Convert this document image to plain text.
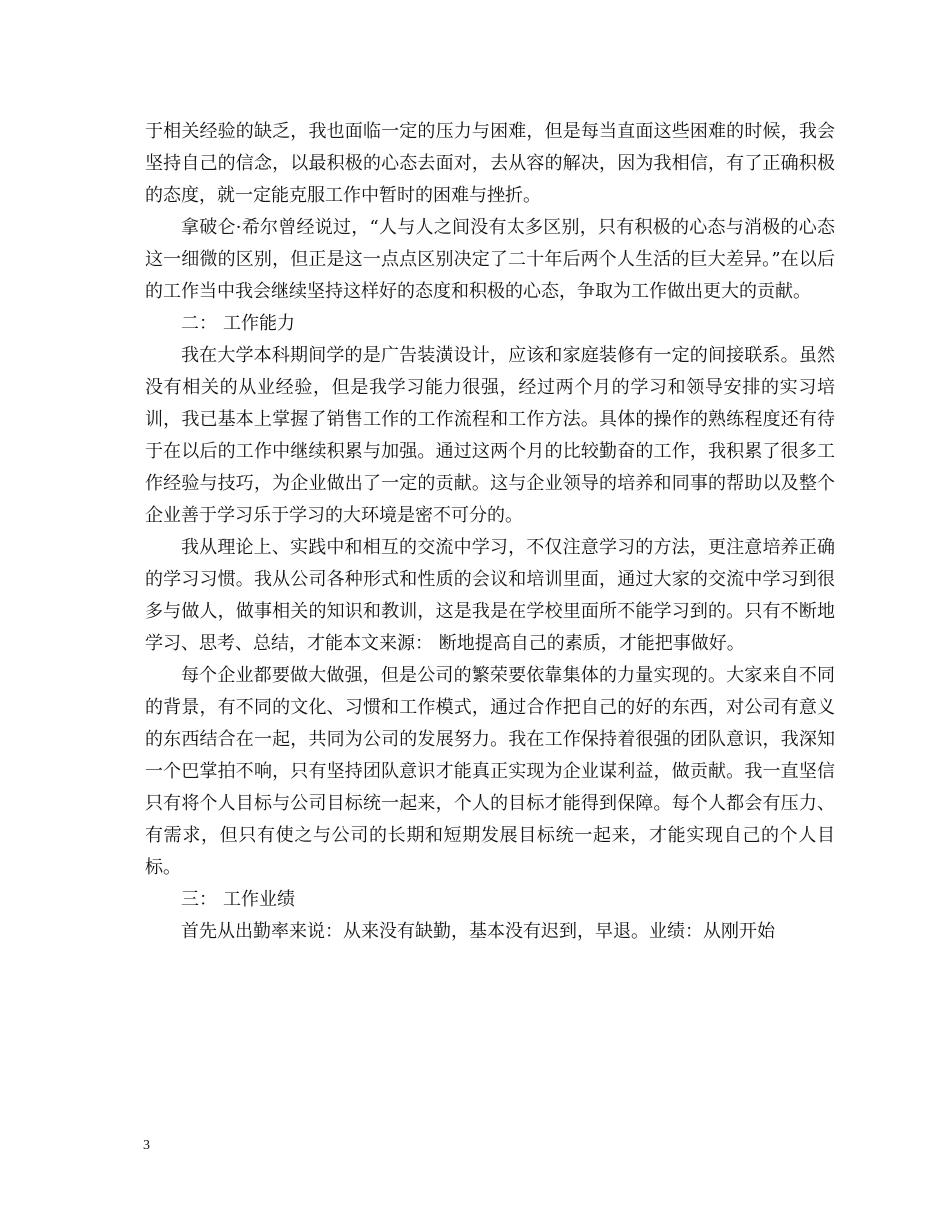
于相关经验的缺乏，我也面临一定的压力与困难，但是每当直面这些困难的时候，我会坚持自己的信念，以最积极的心态去面对，去从容的解决，因为我相信，有了正确积极的态度，就一定能克服工作中暂时的困难与挫折。

拿破仑·希尔曾经说过，“人与人之间没有太多区别，只有积极的心态与消极的心态这一细微的区别，但正是这一点点区别决定了二十年后两个人生活的巨大差异。”在以后的工作当中我会继续坚持这样好的态度和积极的心态，争取为工作做出更大的贡献。

二： 工作能力

我在大学本科期间学的是广告装潢设计，应该和家庭装修有一定的间接联系。虽然没有相关的从业经验，但是我学习能力很强，经过两个月的学习和领导安排的实习培训，我已基本上掌握了销售工作的工作流程和工作方法。具体的操作的熟练程度还有待于在以后的工作中继续积累与加强。通过这两个月的比较勤奋的工作，我积累了很多工作经验与技巧，为企业做出了一定的贡献。这与企业领导的培养和同事的帮助以及整个企业善于学习乐于学习的大环境是密不可分的。

我从理论上、实践中和相互的交流中学习，不仅注意学习的方法，更注意培养正确的学习习惯。我从公司各种形式和性质的会议和培训里面，通过大家的交流中学习到很多与做人，做事相关的知识和教训，这是我是在学校里面所不能学习到的。只有不断地学习、思考、总结，才能本文来源： 断地提高自己的素质，才能把事做好。

每个企业都要做大做强，但是公司的繁荣要依靠集体的力量实现的。大家来自不同的背景，有不同的文化、习惯和工作模式，通过合作把自己的好的东西，对公司有意义的东西结合在一起，共同为公司的发展努力。我在工作保持着很强的团队意识，我深知一个巴掌拍不响，只有坚持团队意识才能真正实现为企业谋利益，做贡献。我一直坚信只有将个人目标与公司目标统一起来，个人的目标才能得到保障。每个人都会有压力、有需求，但只有使之与公司的长期和短期发展目标统一起来，才能实现自己的个人目标。

三： 工作业绩

首先从出勤率来说：从来没有缺勤，基本没有迟到，早退。业绩：从刚开始

3
